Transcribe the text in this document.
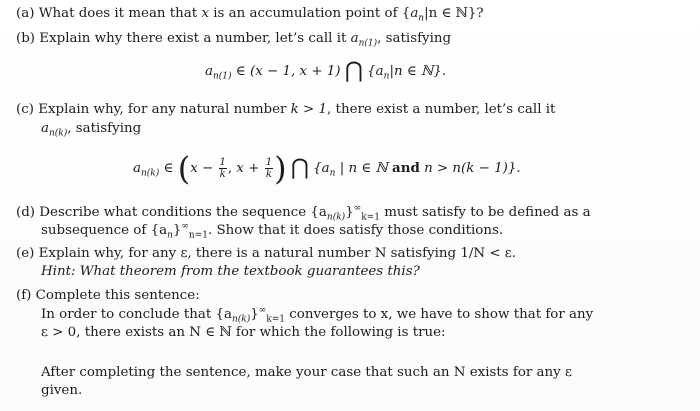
(a) What does it mean that x is an accumulation point of {$a_n|n$ ∈ ℕ}?
(b) Explain why there exist a number, let’s call it $a_{n(1)}$, satisfying
$a_{n(1)}$ ∈ (x − 1, x + 1) ⋂ {$a_n|n$ ∈ ℕ}.
(c) Explain why, for any natural number k > 1, there exist a number, let’s call it
$a_{n(k)}$, satisfying
$a_{n(k)}$ ∈ ($x - \frac{1}{k}$ , $x + \frac{1}{k}$ ) ⋂ {$a_n$ | n ∈ ℕ and n > n(k − 1)}.
(d) Describe what conditions the sequence $\{a_{n(k)}\}^\infty_{k=1}$ must satisfy to be defined as a
subsequence of $\{a_n\}^\infty_{n=1}$. Show that it does satisfy those conditions.
(e) Explain why, for any ε, there is a natural number N satisfying 1/N < ε.
Hint: What theorem from the textbook guarantees this?
(f) Complete this sentence:
In order to conclude that $\{a_{n(k)}\}^\infty_{k=1}$ converges to x, we have to show that for any
ε > 0, there exists an N ∈ ℕ for which the following is true:
After completing the sentence, make your case that such an N exists for any ε
given.
